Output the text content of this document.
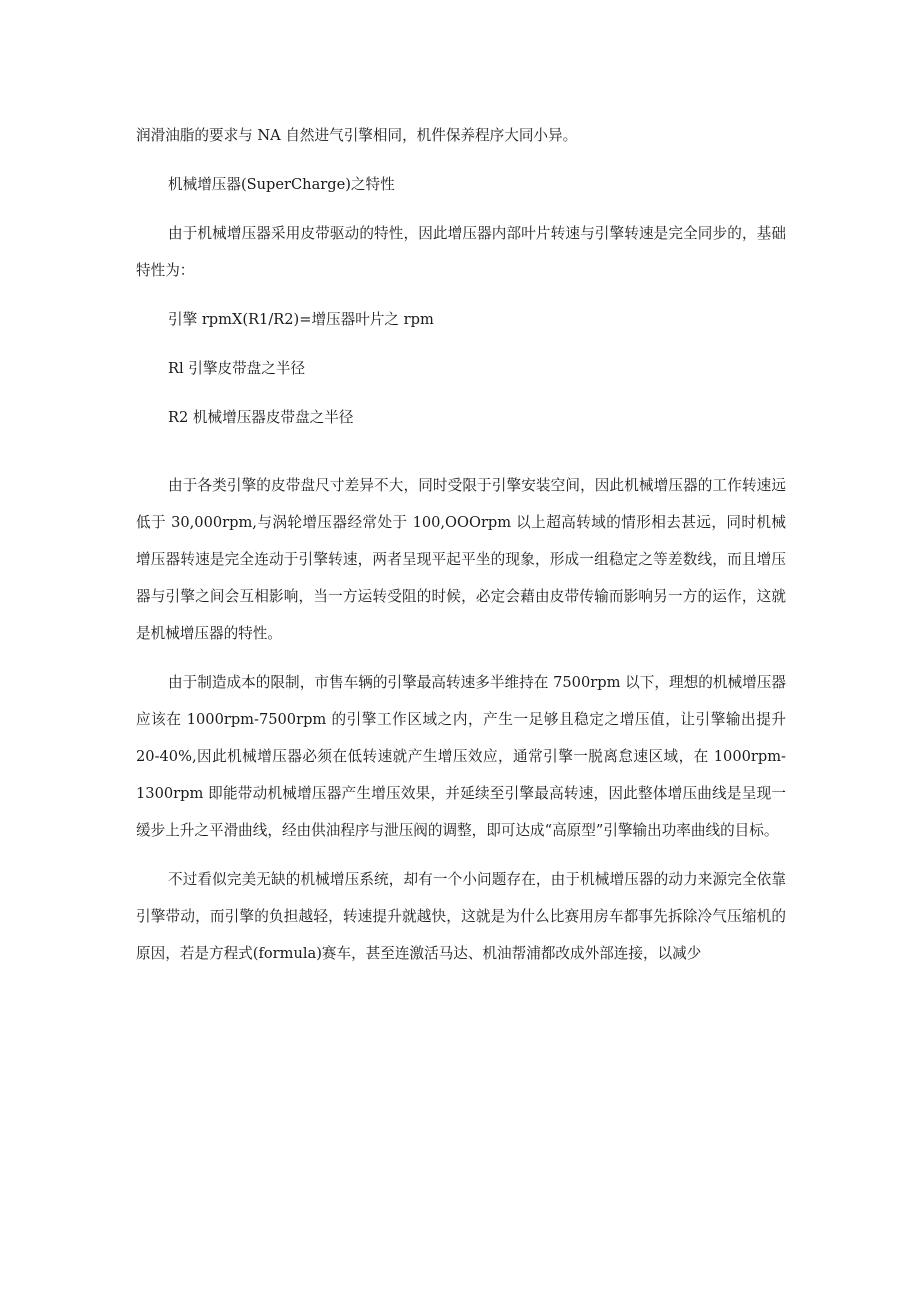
润滑油脂的要求与 NA 自然进气引擎相同，机件保养程序大同小异。

机械增压器(SuperCharge)之特性

由于机械增压器采用皮带驱动的特性，因此增压器内部叶片转速与引擎转速是完全同步的，基础特性为：

引擎 rpmX(R1/R2)=增压器叶片之 rpm

Rl 引擎皮带盘之半径

R2 机械增压器皮带盘之半径

由于各类引擎的皮带盘尺寸差异不大，同时受限于引擎安装空间，因此机械增压器的工作转速远低于 30,000rpm,与涡轮增压器经常处于 100,OOOrpm 以上超高转域的情形相去甚远，同时机械增压器转速是完全连动于引擎转速，两者呈现平起平坐的现象，形成一组稳定之等差数线，而且增压器与引擎之间会互相影响，当一方运转受阻的时候，必定会藉由皮带传输而影响另一方的运作，这就是机械增压器的特性。

由于制造成本的限制，市售车辆的引擎最高转速多半维持在 7500rpm 以下，理想的机械增压器应该在 1000rpm-7500rpm 的引擎工作区域之内，产生一足够且稳定之增压值，让引擎输出提升 20-40%,因此机械增压器必须在低转速就产生增压效应，通常引擎一脱离怠速区域，在 1000rpm-1300rpm 即能带动机械增压器产生增压效果，并延续至引擎最高转速，因此整体增压曲线是呈现一缓步上升之平滑曲线，经由供油程序与泄压阀的调整，即可达成“高原型”引擎输出功率曲线的目标。

不过看似完美无缺的机械增压系统，却有一个小问题存在，由于机械增压器的动力来源完全依靠引擎带动，而引擎的负担越轻，转速提升就越快，这就是为什么比赛用房车都事先拆除冷气压缩机的原因，若是方程式(formula)赛车，甚至连激活马达、机油帮浦都改成外部连接，以减少
